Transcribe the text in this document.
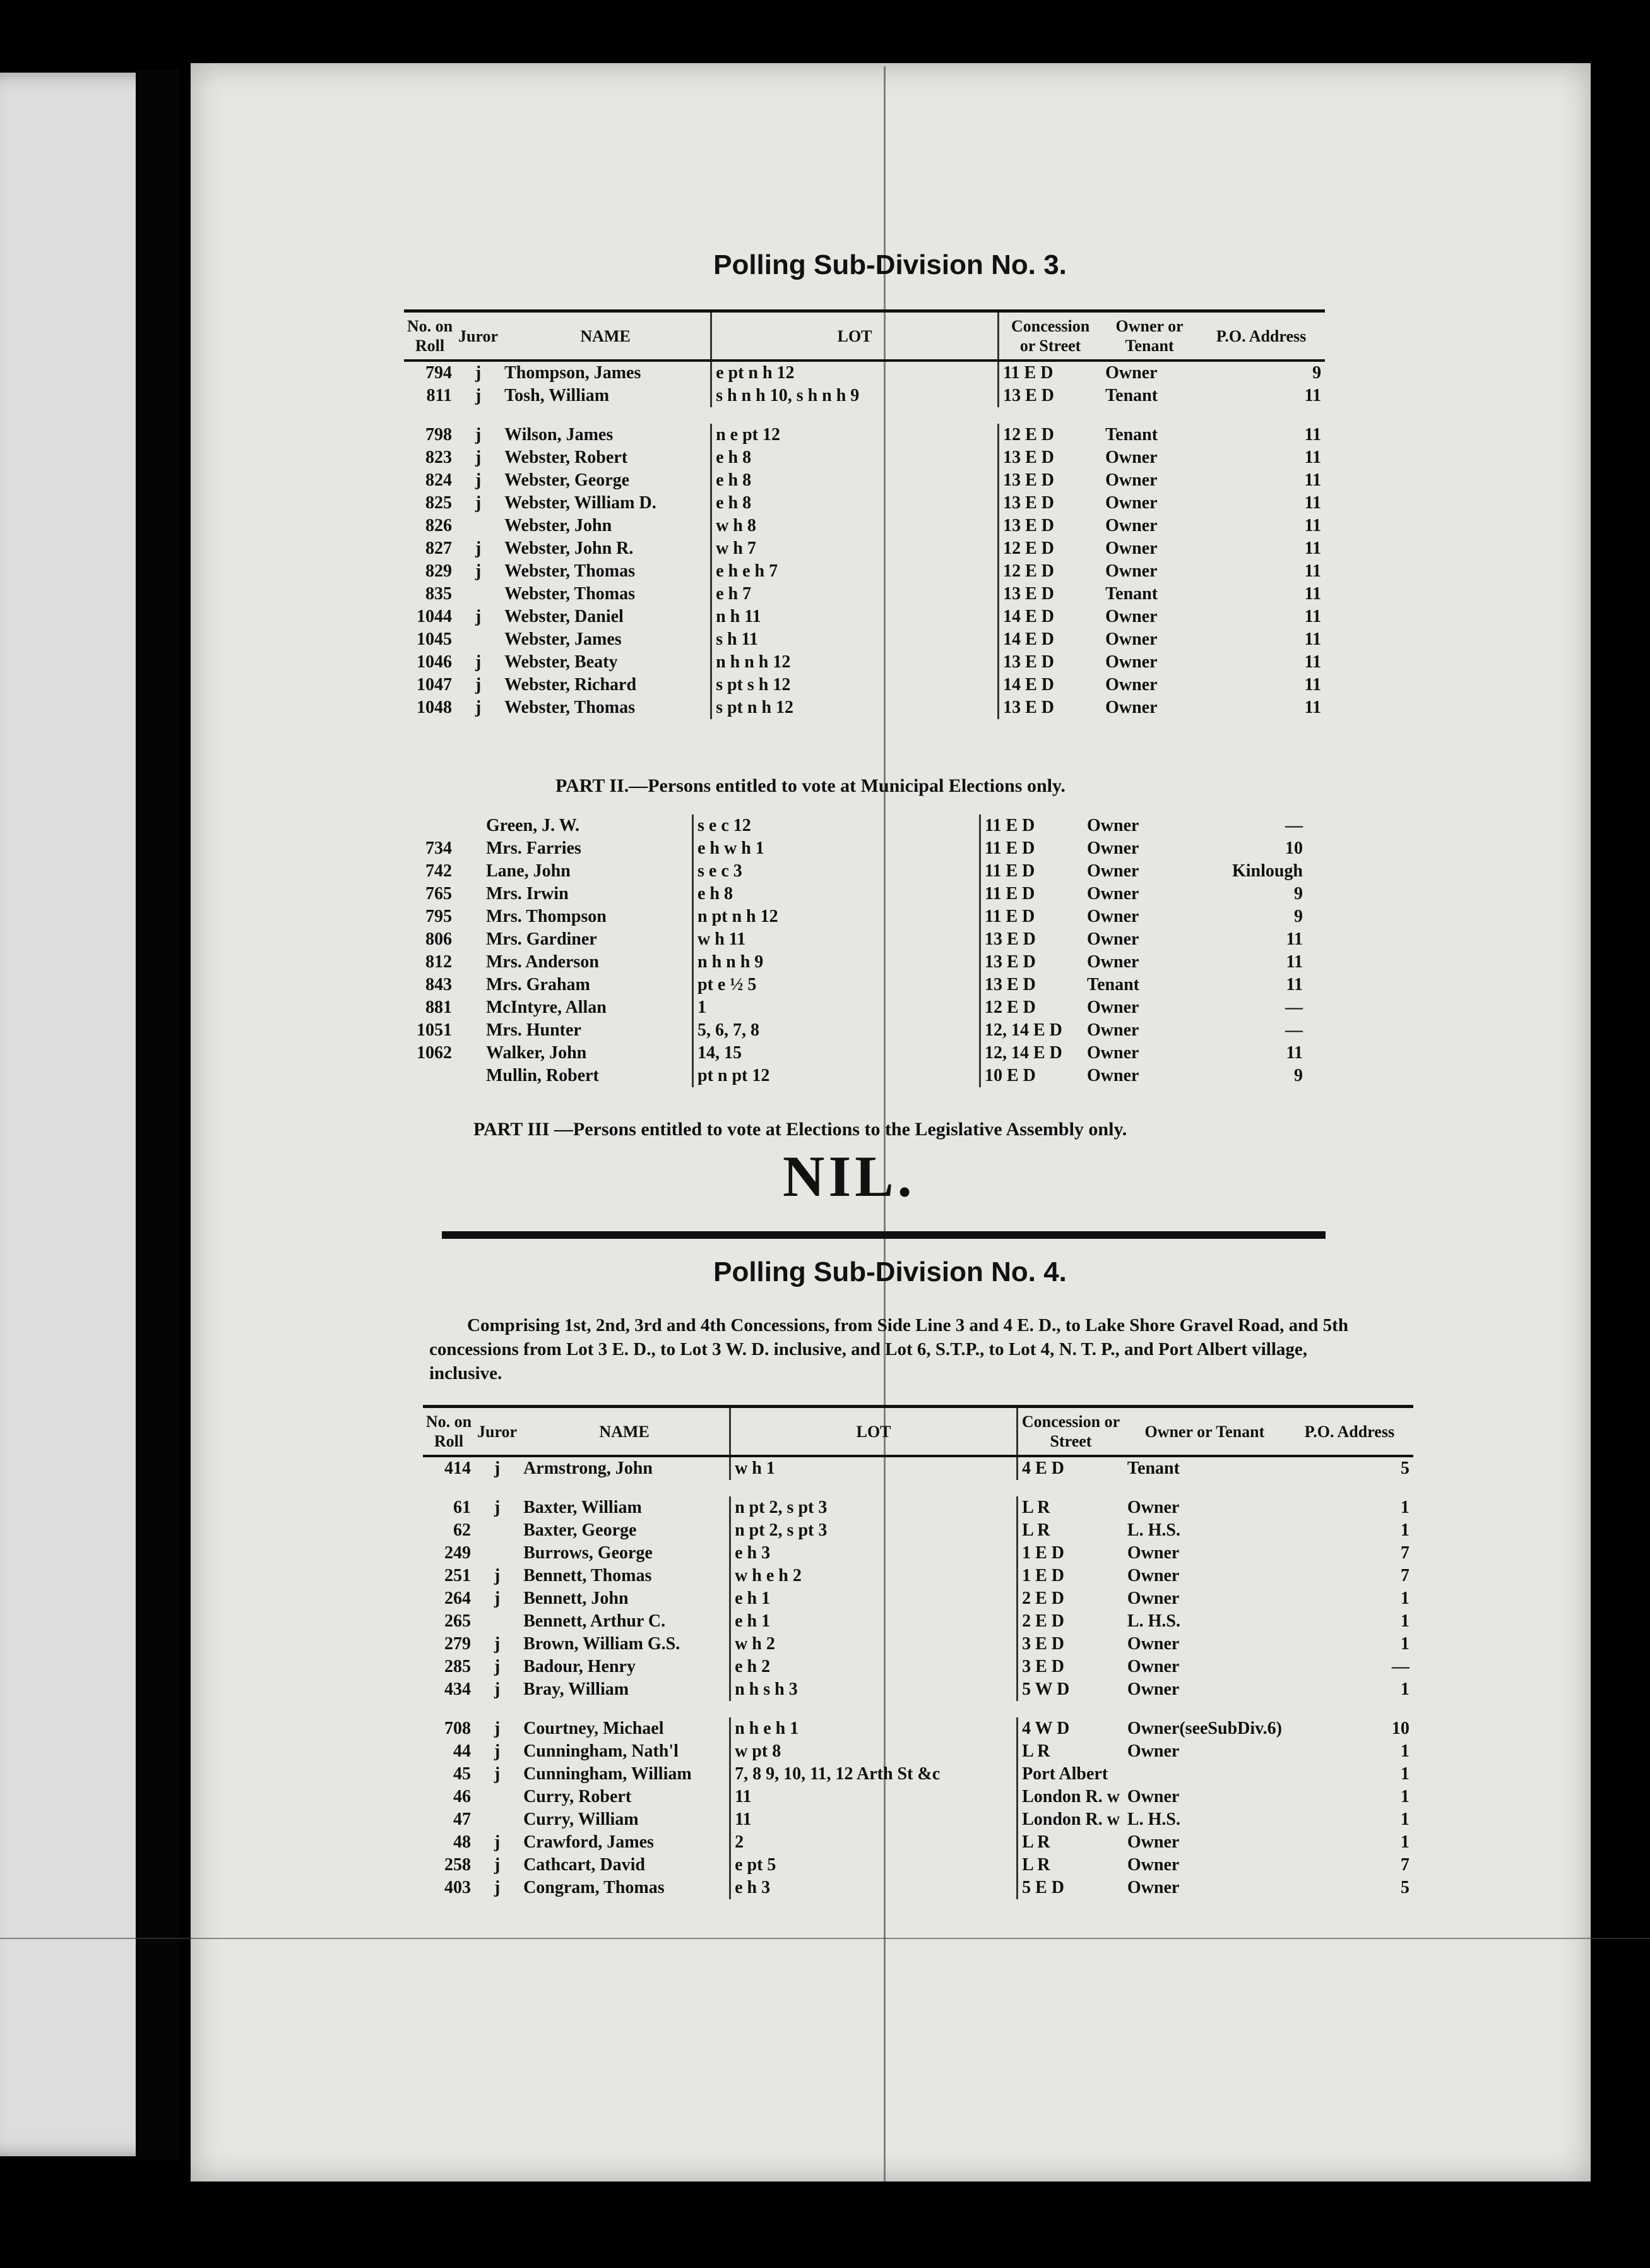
Polling Sub-Division No. 3.
No. on Roll	Juror	NAME	LOT	Concession or Street	Owner or Tenant	P.O. Address
794	j	Thompson, James	e pt n h 12	11 E D	Owner	9
811	j	Tosh, William	s h n h 10, s h n h 9	13 E D	Tenant	11

798	j	Wilson, James	n e pt 12	12 E D	Tenant	11
823	j	Webster, Robert	e h 8	13 E D	Owner	11
824	j	Webster, George	e h 8	13 E D	Owner	11
825	j	Webster, William D.	e h 8	13 E D	Owner	11
826		Webster, John	w h 8	13 E D	Owner	11
827	j	Webster, John R.	w h 7	12 E D	Owner	11
829	j	Webster, Thomas	e h e h 7	12 E D	Owner	11
835		Webster, Thomas	e h 7	13 E D	Tenant	11
1044	j	Webster, Daniel	n h 11	14 E D	Owner	11
1045		Webster, James	s h 11	14 E D	Owner	11
1046	j	Webster, Beaty	n h n h 12	13 E D	Owner	11
1047	j	Webster, Richard	s pt s h 12	14 E D	Owner	11
1048	j	Webster, Thomas	s pt n h 12	13 E D	Owner	11
PART II.—Persons entitled to vote at Municipal Elections only.
		Green, J. W.	s e c 12	11 E D	Owner	—
734		Mrs. Farries	e h w h 1	11 E D	Owner	10
742		Lane, John	s e c 3	11 E D	Owner	Kinlough
765		Mrs. Irwin	e h 8	11 E D	Owner	9
795		Mrs. Thompson	n pt n h 12	11 E D	Owner	9
806		Mrs. Gardiner	w h 11	13 E D	Owner	11
812		Mrs. Anderson	n h n h 9	13 E D	Owner	11
843		Mrs. Graham	pt e ½ 5	13 E D	Tenant	11
881		McIntyre, Allan	1	12 E D	Owner	—
1051		Mrs. Hunter	5, 6, 7, 8	12, 14 E D	Owner	—
1062		Walker, John	14, 15	12, 14 E D	Owner	11
		Mullin, Robert	pt n pt 12	10 E D	Owner	9
PART III —Persons entitled to vote at Elections to the Legislative Assembly only.
NIL.
Polling Sub-Division No. 4.
Comprising 1st, 2nd, 3rd and 4th Concessions, from Side Line 3 and 4 E. D., to Lake Shore Gravel Road, and 5th concessions from Lot 3 E. D., to Lot 3 W. D. inclusive, and Lot 6, S.T.P., to Lot 4, N. T. P., and Port Albert village, inclusive.
No. on Roll	Juror	NAME	LOT	Concession or Street	Owner or Tenant	P.O. Address
414	j	Armstrong, John	w h 1	4 E D	Tenant	5

61	j	Baxter, William	n pt 2, s pt 3	L R	Owner	1
62		Baxter, George	n pt 2, s pt 3	L R	L. H.S.	1
249		Burrows, George	e h 3	1 E D	Owner	7
251	j	Bennett, Thomas	w h e h 2	1 E D	Owner	7
264	j	Bennett, John	e h 1	2 E D	Owner	1
265		Bennett, Arthur C.	e h 1	2 E D	L. H.S.	1
279	j	Brown, William G.S.	w h 2	3 E D	Owner	1
285	j	Badour, Henry	e h 2	3 E D	Owner	—
434	j	Bray, William	n h s h 3	5 W D	Owner	1

708	j	Courtney, Michael	n h e h 1	4 W D	Owner(seeSubDiv.6)	10
44	j	Cunningham, Nath'l	w pt 8	L R	Owner	1
45	j	Cunningham, William	7, 8 9, 10, 11, 12 Arth St &c	Port Albert		1
46		Curry, Robert	11	London R. w	Owner	1
47		Curry, William	11	London R. w	L. H.S.	1
48	j	Crawford, James	2	L R	Owner	1
258	j	Cathcart, David	e pt 5	L R	Owner	7
403	j	Congram, Thomas	e h 3	5 E D	Owner	5
